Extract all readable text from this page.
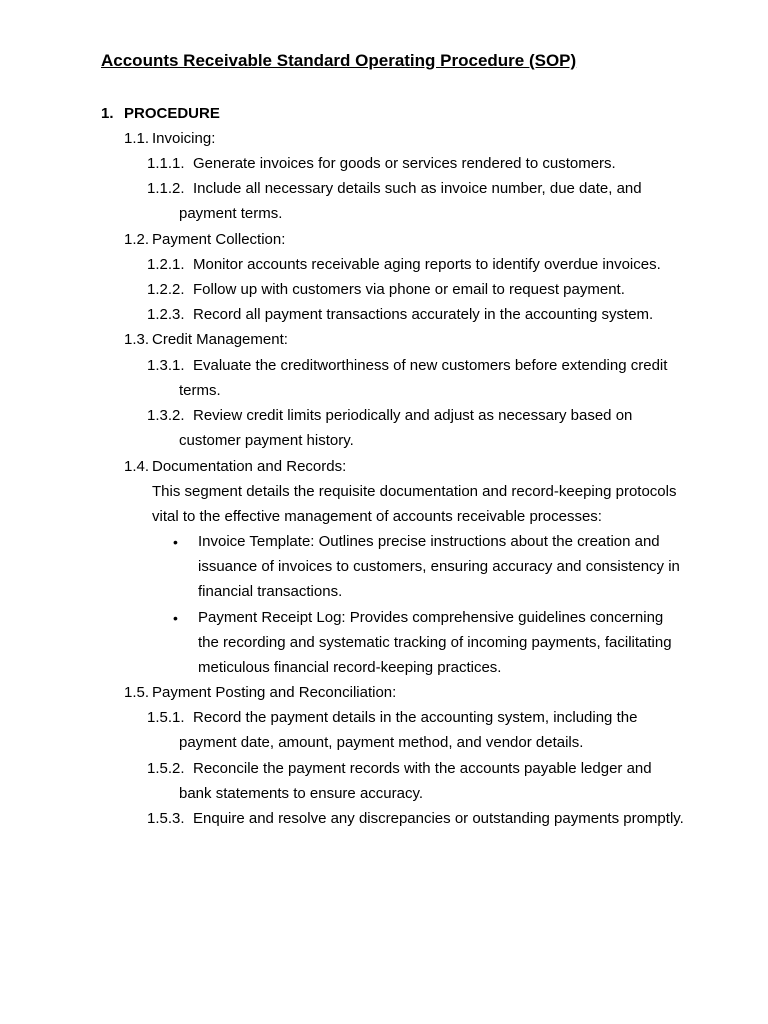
Accounts Receivable Standard Operating Procedure (SOP)
1. PROCEDURE
1.1. Invoicing:
1.1.1. Generate invoices for goods or services rendered to customers.
1.1.2. Include all necessary details such as invoice number, due date, and
payment terms.
1.2. Payment Collection:
1.2.1. Monitor accounts receivable aging reports to identify overdue invoices.
1.2.2. Follow up with customers via phone or email to request payment.
1.2.3. Record all payment transactions accurately in the accounting system.
1.3. Credit Management:
1.3.1. Evaluate the creditworthiness of new customers before extending credit
terms.
1.3.2. Review credit limits periodically and adjust as necessary based on
customer payment history.
1.4. Documentation and Records:
This segment details the requisite documentation and record-keeping protocols
vital to the effective management of accounts receivable processes:
• Invoice Template: Outlines precise instructions about the creation and
issuance of invoices to customers, ensuring accuracy and consistency in
financial transactions.
• Payment Receipt Log: Provides comprehensive guidelines concerning
the recording and systematic tracking of incoming payments, facilitating
meticulous financial record-keeping practices.
1.5. Payment Posting and Reconciliation:
1.5.1. Record the payment details in the accounting system, including the
payment date, amount, payment method, and vendor details.
1.5.2. Reconcile the payment records with the accounts payable ledger and
bank statements to ensure accuracy.
1.5.3. Enquire and resolve any discrepancies or outstanding payments promptly.
